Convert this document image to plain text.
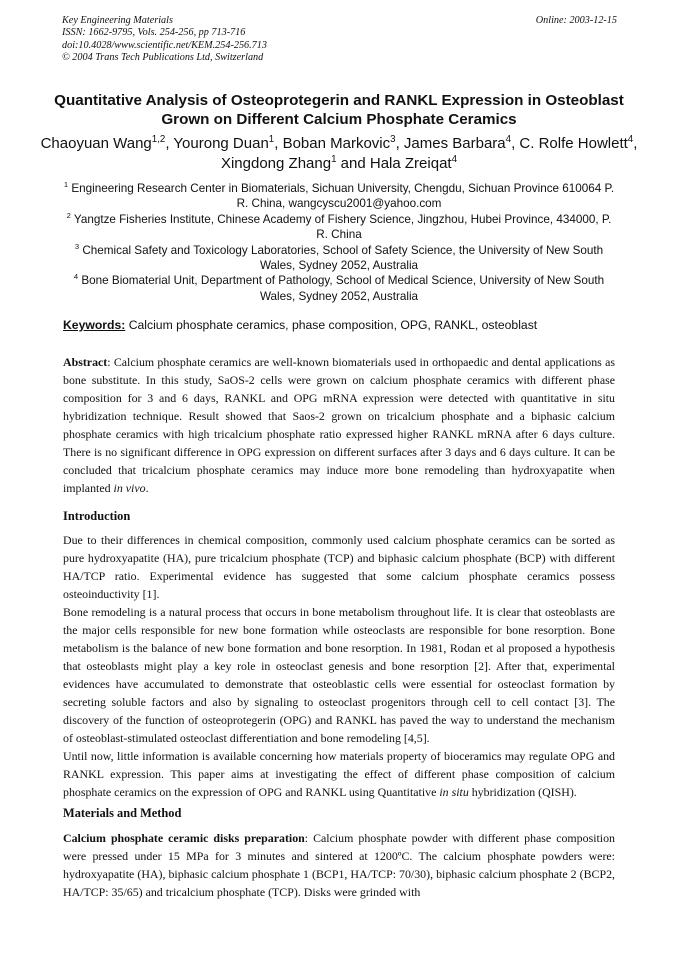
Key Engineering Materials
ISSN: 1662-9795, Vols. 254-256, pp 713-716
doi:10.4028/www.scientific.net/KEM.254-256.713
© 2004 Trans Tech Publications Ltd, Switzerland
Online: 2003-12-15
Quantitative Analysis of Osteoprotegerin and RANKL Expression in Osteoblast Grown on Different Calcium Phosphate Ceramics
Chaoyuan Wang$^{1,2}$, Yourong Duan$^1$, Boban Markovic$^3$, James Barbara$^4$, C. Rolfe Howlett$^4$, Xingdong Zhang$^1$ and Hala Zreiqat$^4$
$^1$ Engineering Research Center in Biomaterials, Sichuan University, Chengdu, Sichuan Province 610064 P. R. China, wangcyscu2001@yahoo.com
$^2$ Yangtze Fisheries Institute, Chinese Academy of Fishery Science, Jingzhou, Hubei Province, 434000, P. R. China
$^3$ Chemical Safety and Toxicology Laboratories, School of Safety Science, the University of New South Wales, Sydney 2052, Australia
$^4$ Bone Biomaterial Unit, Department of Pathology, School of Medical Science, University of New South Wales, Sydney 2052, Australia
Keywords: Calcium phosphate ceramics, phase composition, OPG, RANKL, osteoblast

Abstract: Calcium phosphate ceramics are well-known biomaterials used in orthopaedic and dental applications as bone substitute. In this study, SaOS-2 cells were grown on calcium phosphate ceramics with different phase composition for 3 and 6 days, RANKL and OPG mRNA expression were detected with quantitative in situ hybridization technique. Result showed that Saos-2 grown on tricalcium phosphate and a biphasic calcium phosphate ceramics with high tricalcium phosphate ratio expressed higher RANKL mRNA after 6 days culture. There is no significant difference in OPG expression on different surfaces after 3 days and 6 days culture. It can be concluded that tricalcium phosphate ceramics may induce more bone remodeling than hydroxyapatite when implanted in vivo.

Introduction

Due to their differences in chemical composition, commonly used calcium phosphate ceramics can be sorted as pure hydroxyapatite (HA), pure tricalcium phosphate (TCP) and biphasic calcium phosphate (BCP) with different HA/TCP ratio. Experimental evidence has suggested that some calcium phosphate ceramics possess osteoinductivity [1].

Bone remodeling is a natural process that occurs in bone metabolism throughout life. It is clear that osteoblasts are the major cells responsible for new bone formation while osteoclasts are responsible for bone resorption. Bone metabolism is the balance of new bone formation and bone resorption. In 1981, Rodan et al proposed a hypothesis that osteoblasts might play a key role in osteoclast genesis and bone resorption [2]. After that, experimental evidences have accumulated to demonstrate that osteoblastic cells were essential for osteoclast formation by secreting soluble factors and also by signaling to osteoclast progenitors through cell to cell contact [3]. The discovery of the function of osteoprotegerin (OPG) and RANKL has paved the way to understand the mechanism of osteoblast-stimulated osteoclast differentiation and bone remodeling [4,5].

Until now, little information is available concerning how materials property of bioceramics may regulate OPG and RANKL expression. This paper aims at investigating the effect of different phase composition of calcium phosphate ceramics on the expression of OPG and RANKL using Quantitative in situ hybridization (QISH).

Materials and Method

Calcium phosphate ceramic disks preparation: Calcium phosphate powder with different phase composition were pressed under 15 MPa for 3 minutes and sintered at 1200ºC. The calcium phosphate powders were: hydroxyapatite (HA), biphasic calcium phosphate 1 (BCP1, HA/TCP: 70/30), biphasic calcium phosphate 2 (BCP2, HA/TCP: 35/65) and tricalcium phosphate (TCP). Disks were grinded with
